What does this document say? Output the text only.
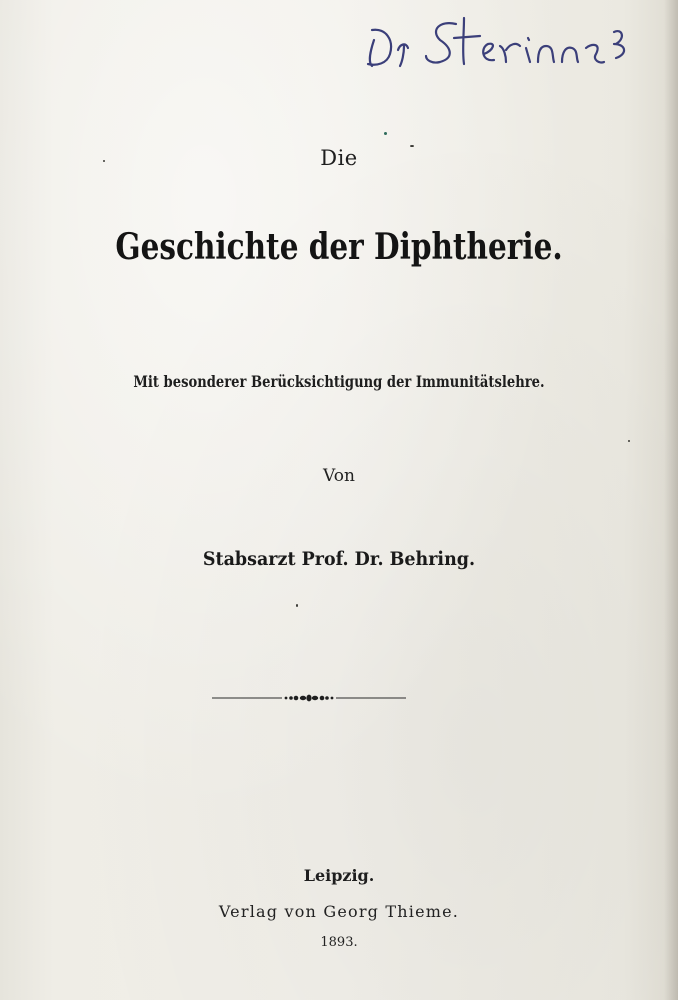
Die
Geschichte der Diphtherie.
Mit besonderer Berücksichtigung der Immunitätslehre.
Von
Stabsarzt Prof. Dr. Behring.
Leipzig.
Verlag von Georg Thieme.
1893.
